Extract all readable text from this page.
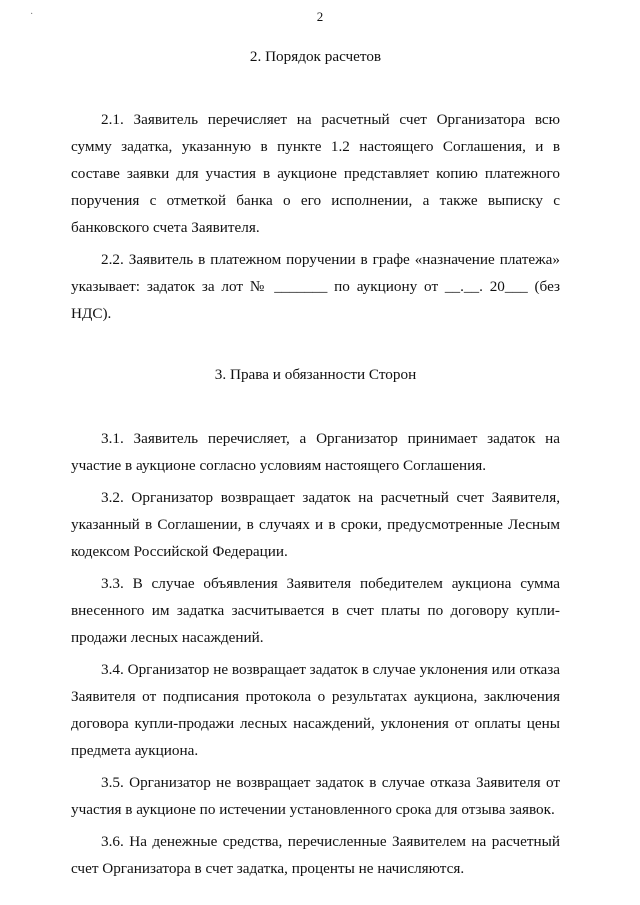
·	2

2. Порядок расчетов

2.1. Заявитель перечисляет на расчетный счет Организатора всю сумму задатка, указанную в пункте 1.2 настоящего Соглашения, и в составе заявки для участия в аукционе представляет копию платежного поручения с отметкой банка о его исполнении, а также выписку с банковского счета Заявителя.

2.2. Заявитель в платежном поручении в графе «назначение платежа» указывает: задаток за лот № _______ по аукциону от __.__. 20___ (без НДС).

3. Права и обязанности Сторон

3.1. Заявитель перечисляет, а Организатор принимает задаток на участие в аукционе согласно условиям настоящего Соглашения.

3.2. Организатор возвращает задаток на расчетный счет Заявителя, указанный в Соглашении, в случаях и в сроки, предусмотренные Лесным кодексом Российской Федерации.

3.3. В случае объявления Заявителя победителем аукциона сумма внесенного им задатка засчитывается в счет платы по договору купли-продажи лесных насаждений.

3.4. Организатор не возвращает задаток в случае уклонения или отказа Заявителя от подписания протокола о результатах аукциона, заключения договора купли-продажи лесных насаждений, уклонения от оплаты цены предмета аукциона.

3.5. Организатор не возвращает задаток в случае отказа Заявителя от участия в аукционе по истечении установленного срока для отзыва заявок.

3.6. На денежные средства, перечисленные Заявителем на расчетный счет Организатора в счет задатка, проценты не начисляются.
